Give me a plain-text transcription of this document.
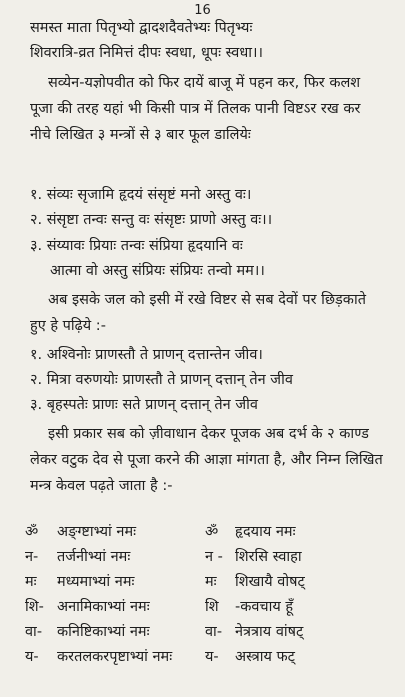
16
समस्त माता पितृभ्यो द्वादशदैवतेभ्यः पितृभ्यः
शिवरात्रि-व्रत निमित्तं दीपः स्वधा, धूपः स्वधा।।

सव्येन-यज्ञोपवीत को फिर दायें बाजू में पहन कर, फिर कलश पूजा की तरह यहां भी किसी पात्र में तिलक पानी विष्टऽर रख कर नीचे लिखित ३ मन्त्रों से ३ बार फूल डालियेः

१. संव्यः सृजामि हृदयं संसृष्टं मनो अस्तु वः।
२. संसृष्टा तन्वः सन्तु वः संसृष्टः प्राणो अस्तु वः।।
३. संय्यावः प्रियाः तन्वः संप्रिया हृदयानि वः
आत्मा वो अस्तु संप्रियः संप्रियः तन्वो मम।।

अब इसके जल को इसी में रखे विष्टर से सब देवों पर छिड़काते हुए हे पढ़िये :-

१. अश्विनोः प्राणस्तौ ते प्राणन् दत्तान्तेन जीव।
२. मित्रा वरुणयोः प्राणस्तौ ते प्राणन् दत्तान् तेन जीव
३. बृहस्पतेः प्राणः सते प्राणन् दत्तान् तेन जीव

इसी प्रकार सब को ज़ीवाधान देकर पूजक अब दर्भ के २ काण्ड लेकर वटुक देव से पूजा करने की आज्ञा मांगता है, और निम्न लिखित मन्त्र केवल पढ़ते जाता है :-

ॐ अङ्ग्ष्टाभ्यां नमः	ॐ हृदयाय नमः
न- तर्जनीभ्यां नमः	न - शिरसि स्वाहा
मः मध्यमाभ्यां नमः	मः शिखायै वोषट्
शि- अनामिकाभ्यां नमः	शि -कवचाय हूँ
वा- कनिष्टिकाभ्यां नमः	वा- नेत्रत्राय वांषट्
य- करतलकरपृष्टाभ्यां नमः य- अस्त्राय फट्
